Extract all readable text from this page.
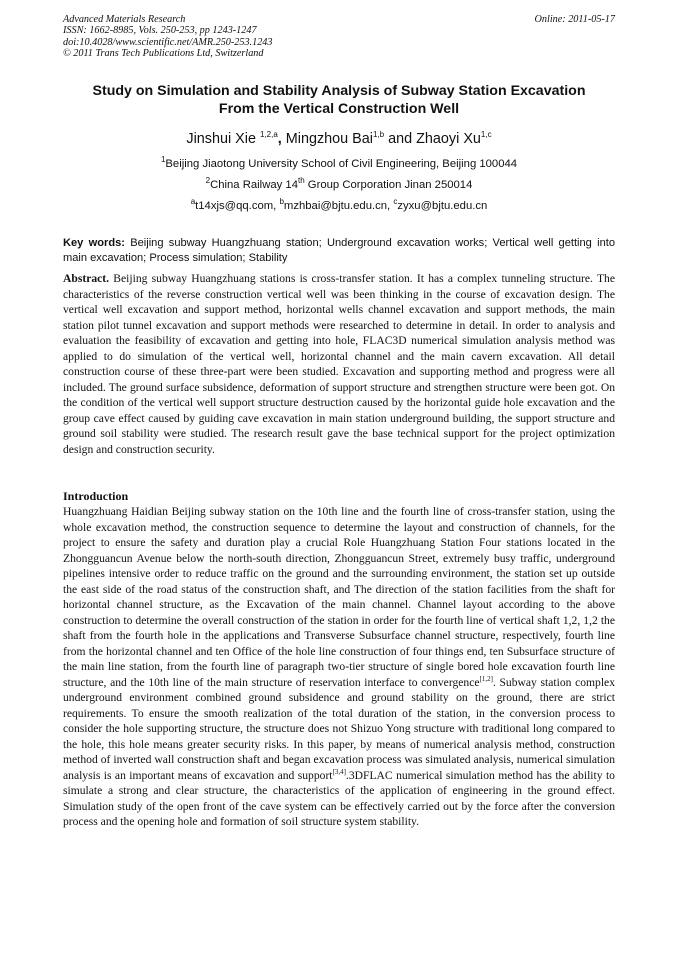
Advanced Materials Research
ISSN: 1662-8985, Vols. 250-253, pp 1243-1247
doi:10.4028/www.scientific.net/AMR.250-253.1243
© 2011 Trans Tech Publications Ltd, Switzerland
Online: 2011-05-17
Study on Simulation and Stability Analysis of Subway Station Excavation
From the Vertical Construction Well
Jinshui Xie $^{1,2,a}$, Mingzhou Bai$^{1,b}$ and Zhaoyi Xu$^{1,c}$
$^1$Beijing Jiaotong University School of Civil Engineering, Beijing 100044
$^2$China Railway 14th Group Corporation Jinan 250014
$^a$t14xjs@qq.com, $^b$mzhbai@bjtu.edu.cn, $^c$zyxu@bjtu.edu.cn
Key words: Beijing subway Huangzhuang station; Underground excavation works; Vertical well getting into main excavation; Process simulation; Stability

Abstract. Beijing subway Huangzhuang stations is cross-transfer station. It has a complex tunneling structure. The characteristics of the reverse construction vertical well was been thinking in the course of excavation design. The vertical well excavation and support method, horizontal wells channel excavation and support methods, the main station pilot tunnel excavation and support methods were researched to determine in detail. In order to analysis and evaluation the feasibility of excavation and getting into hole, FLAC3D numerical simulation analysis method was applied to do simulation of the vertical well, horizontal channel and the main cavern excavation. All detail construction course of these three-part were been studied. Excavation and supporting method and progress were all included. The ground surface subsidence, deformation of support structure and strengthen structure were been got. On the condition of the vertical well support structure destruction caused by the horizontal guide hole excavation and the group cave effect caused by guiding cave excavation in main station underground building, the support structure and ground soil stability were studied. The research result gave the base technical support for the project optimization design and construction security.

Introduction

Huangzhuang Haidian Beijing subway station on the 10th line and the fourth line of cross-transfer station, using the whole excavation method, the construction sequence to determine the layout and construction of channels, for the project to ensure the safety and duration play a crucial Role Huangzhuang Station Four stations located in the Zhongguancun Avenue below the north-south direction, Zhongguancun Street, extremely busy traffic, underground pipelines intensive order to reduce traffic on the ground and the surrounding environment, the station set up outside the east side of the road status of the construction shaft, and The direction of the station facilities from the shaft for horizontal channel structure, as the Excavation of the main channel. Channel layout according to the above construction to determine the overall construction of the station in order for the fourth line of vertical shaft 1,2, 1,2 the shaft from the fourth hole in the applications and Transverse Subsurface channel structure, respectively, fourth line from the horizontal channel and ten Office of the hole line construction of four things end, ten Subsurface structure of the main line station, from the fourth line of paragraph two-tier structure of single bored hole excavation fourth line structure, and the 10th line of the main structure of reservation interface to convergence[1,2]. Subway station complex underground environment combined ground subsidence and ground stability on the ground, there are strict requirements. To ensure the smooth realization of the total duration of the station, in the conversion process to consider the hole supporting structure, the structure does not Shizuo Yong structure with traditional long compared to the hole, this hole means greater security risks. In this paper, by means of numerical analysis method, construction method of inverted wall construction shaft and began excavation process was simulated analysis, numerical simulation analysis is an important means of excavation and support[3,4].3DFLAC numerical simulation method has the ability to simulate a strong and clear structure, the characteristics of the application of engineering in the ground effect. Simulation study of the open front of the cave system can be effectively carried out by the force after the conversion process and the opening hole and formation of soil structure system stability.
